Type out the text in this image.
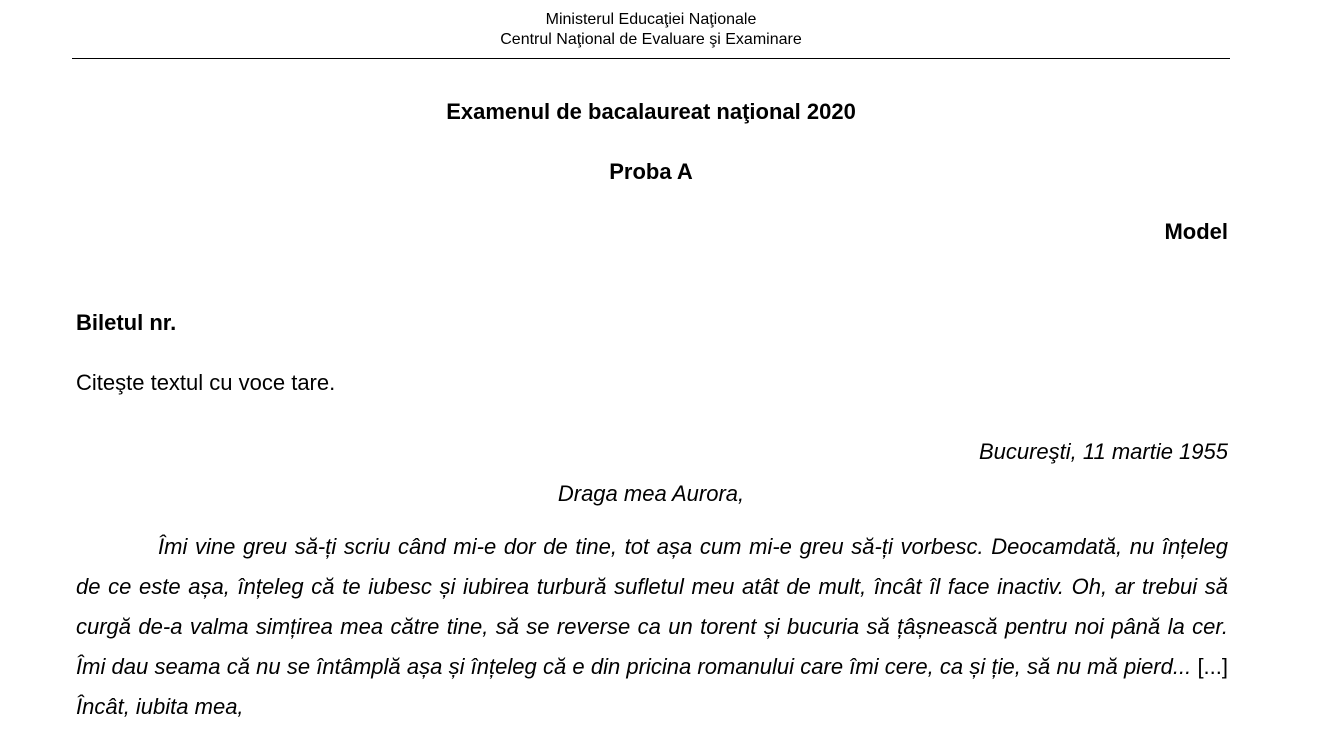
Ministerul Educaţiei Naţionale
Centrul Naţional de Evaluare şi Examinare
Examenul de bacalaureat naţional 2020
Proba A
Model
Biletul nr.
Citeşte textul cu voce tare.
Bucureşti, 11 martie 1955
Draga mea Aurora,

Îmi vine greu să-ți scriu când mi-e dor de tine, tot așa cum mi-e greu să-ți vorbesc. Deocamdată, nu înțeleg de ce este așa, înțeleg că te iubesc și iubirea turbură sufletul meu atât de mult, încât îl face inactiv. Oh, ar trebui să curgă de-a valma simțirea mea către tine, să se reverse ca un torent și bucuria să țâșnească pentru noi până la cer. Îmi dau seama că nu se întâmplă așa și înțeleg că e din pricina romanului care îmi cere, ca și ție, să nu mă pierd... [...] Încât, iubita mea,
